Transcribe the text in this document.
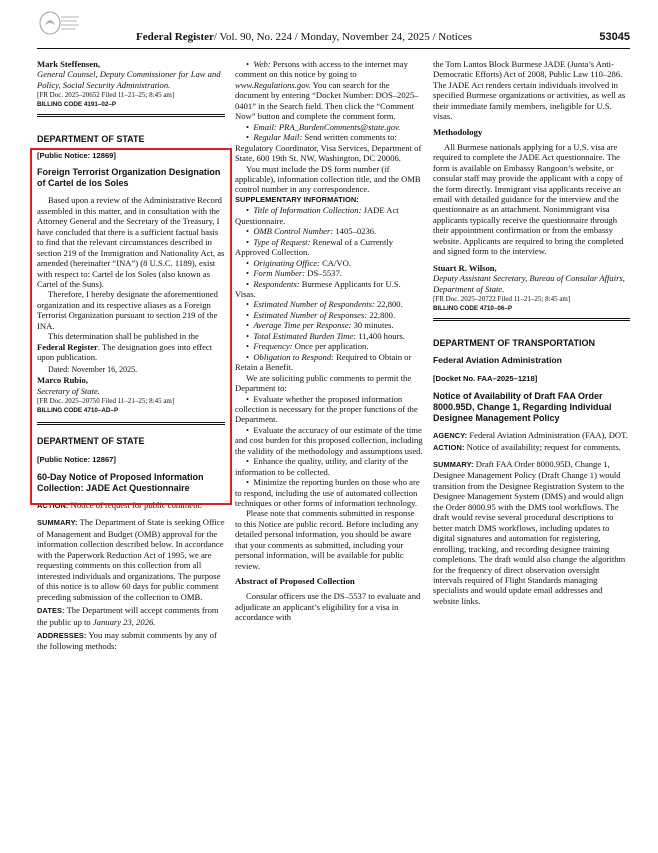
Federal Register/ Vol. 90, No. 224 / Monday, November 24, 2025 / Notices	53045

Mark Steffensen,

General Counsel, Deputy Commissioner for Law and Policy, Social Security Administration.

[FR Doc. 2025–20652 Filed 11–21–25; 8:45 am]

BILLING CODE 4191–02–P

DEPARTMENT OF STATE

[Public Notice: 12869]

Foreign Terrorist Organization Designation of Cartel de los Soles

Based upon a review of the Administrative Record assembled in this matter, and in consultation with the Attorney General and the Secretary of the Treasury, I have concluded that there is a sufficient factual basis to find that the relevant circumstances described in section 219 of the Immigration and Nationality Act, as amended (hereinafter “INA”) (8 U.S.C. 1189), exist with respect to: Cartel de los Soles (also known as Cartel of the Suns).

Therefore, I hereby designate the aforementioned organization and its respective aliases as a Foreign Terrorist Organization pursuant to section 219 of the INA.

This determination shall be published in the Federal Register. The designation goes into effect upon publication.

Dated: November 16, 2025.

Marco Rubio,

Secretary of State.

[FR Doc. 2025–20750 Filed 11–21–25; 8:45 am]

BILLING CODE 4710–AD–P

DEPARTMENT OF STATE

[Public Notice: 12867]

60-Day Notice of Proposed Information Collection: JADE Act Questionnaire

ACTION: Notice of request for public comment.

SUMMARY: The Department of State is seeking Office of Management and Budget (OMB) approval for the information collection described below. In accordance with the Paperwork Reduction Act of 1995, we are requesting comments on this collection from all interested individuals and organizations. The purpose of this notice is to allow 60 days for public comment preceding submission of the collection to OMB.

DATES: The Department will accept comments from the public up to January 23, 2026.

ADDRESSES: You may submit comments by any of the following methods:

•  Web: Persons with access to the internet may comment on this notice by going to www.Regulations.gov. You can search for the document by entering “Docket Number: DOS–2025–0401” in the Search field. Then click the “Comment Now” button and complete the comment form.

•  Email: PRA_BurdenComments@state.gov.

•  Regular Mail: Send written comments to: Regulatory Coordinator, Visa Services, Department of State, 600 19th St. NW, Washington, DC 20006.

You must include the DS form number (if applicable), information collection title, and the OMB control number in any correspondence.

SUPPLEMENTARY INFORMATION:

•  Title of Information Collection: JADE Act Questionnaire.

•  OMB Control Number: 1405–0236.

•  Type of Request: Renewal of a Currently Approved Collection.

•  Originating Office: CA/VO.

•  Form Number: DS–5537.

•  Respondents: Burmese Applicants for U.S. Visas.

•  Estimated Number of Respondents: 22,800.

•  Estimated Number of Responses: 22,800.

•  Average Time per Response: 30 minutes.

•  Total Estimated Burden Time: 11,400 hours.

•  Frequency: Once per application.

•  Obligation to Respond: Required to Obtain or Retain a Benefit.

We are soliciting public comments to permit the Department to:

•  Evaluate whether the proposed information collection is necessary for the proper functions of the Department.

•  Evaluate the accuracy of our estimate of the time and cost burden for this proposed collection, including the validity of the methodology and assumptions used.

•  Enhance the quality, utility, and clarity of the information to be collected.

•  Minimize the reporting burden on those who are to respond, including the use of automated collection techniques or other forms of information technology.

Please note that comments submitted in response to this Notice are public record. Before including any detailed personal information, you should be aware that your comments as submitted, including your personal information, will be available for public review.

Abstract of Proposed Collection

Consular officers use the DS–5537 to evaluate and adjudicate an applicant’s eligibility for a visa in accordance with

the Tom Lantos Block Burmese JADE (Junta’s Anti-Democratic Efforts) Act of 2008, Public Law 110–286. The JADE Act renders certain individuals involved in specified Burmese organizations or activities, as well as their immediate family members, ineligible for U.S. visas.

Methodology

All Burmese nationals applying for a U.S. visa are required to complete the JADE Act questionnaire. The form is available on Embassy Rangoon’s website, or consular staff may provide the applicant with a copy of the form directly. Immigrant visa applicants receive an email with detailed guidance for the interview and the questionnaire as an attachment. Nonimmigrant visa applicants typically receive the questionnaire through their appointment confirmation or from the embassy website. Applicants are required to bring the completed and signed form to the interview.

Stuart R. Wilson,

Deputy Assistant Secretary, Bureau of Consular Affairs, Department of State.

[FR Doc. 2025–20722 Filed 11–21–25; 8:45 am]

BILLING CODE 4710–06–P

DEPARTMENT OF TRANSPORTATION

Federal Aviation Administration

[Docket No. FAA–2025–1218]

Notice of Availability of Draft FAA Order 8000.95D, Change 1, Regarding Individual Designee Management Policy

AGENCY: Federal Aviation Administration (FAA), DOT.

ACTION: Notice of availability; request for comments.

SUMMARY: Draft FAA Order 8000.95D, Change 1, Designee Management Policy (Draft Change 1) would transition from the Designee Registration System to the Designee Management System (DMS) and would align the Order 8000.95 with the DMS tool workflows. The draft would revise several procedural descriptions to better match DMS workflows, including updates to digital signatures and automation for registering, enrolling, tracking, and recording designee training completions. The draft would also change the algorithm for the frequency of direct observation oversight intervals required of Flight Standards managing specialists and would update email addresses and website links.
